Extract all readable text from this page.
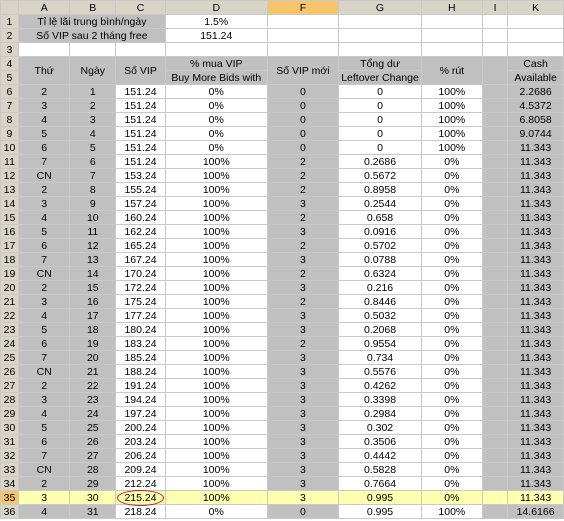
	A	B	C	D	F	G	H	I	K
1	Tỉ lệ lãi trung bình/ngày			1.5%					
2	Số VIP sau 2 tháng free			151.24					
3									
4	Thứ	Ngày	Số VIP	% mua VIP	Số VIP mới	Tổng dư	% rút		Cash
5				Buy More Bids with		Leftover Change			Available
6	2	1	151.24	0%	0	0	100%		2.2686
7	3	2	151.24	0%	0	0	100%		4.5372
8	4	3	151.24	0%	0	0	100%		6.8058
9	5	4	151.24	0%	0	0	100%		9.0744
10	6	5	151.24	0%	0	0	100%		11.343
11	7	6	151.24	100%	2	0.2686	0%		11.343
12	CN	7	153.24	100%	2	0.5672	0%		11.343
13	2	8	155.24	100%	2	0.8958	0%		11.343
14	3	9	157.24	100%	3	0.2544	0%		11.343
15	4	10	160.24	100%	2	0.658	0%		11.343
16	5	11	162.24	100%	3	0.0916	0%		11.343
17	6	12	165.24	100%	2	0.5702	0%		11.343
18	7	13	167.24	100%	3	0.0788	0%		11.343
19	CN	14	170.24	100%	2	0.6324	0%		11.343
20	2	15	172.24	100%	3	0.216	0%		11.343
21	3	16	175.24	100%	2	0.8446	0%		11.343
22	4	17	177.24	100%	3	0.5032	0%		11.343
23	5	18	180.24	100%	3	0.2068	0%		11.343
24	6	19	183.24	100%	2	0.9554	0%		11.343
25	7	20	185.24	100%	3	0.734	0%		11.343
26	CN	21	188.24	100%	3	0.5576	0%		11.343
27	2	22	191.24	100%	3	0.4262	0%		11.343
28	3	23	194.24	100%	3	0.3398	0%		11.343
29	4	24	197.24	100%	3	0.2984	0%		11.343
30	5	25	200.24	100%	3	0.302	0%		11.343
31	6	26	203.24	100%	3	0.3506	0%		11.343
32	7	27	206.24	100%	3	0.4442	0%		11.343
33	CN	28	209.24	100%	3	0.5828	0%		11.343
34	2	29	212.24	100%	3	0.7664	0%		11.343
35	3	30	215.24	100%	3	0.995	0%		11.343
36	4	31	218.24	0%	0	0.995	100%		14.6166
